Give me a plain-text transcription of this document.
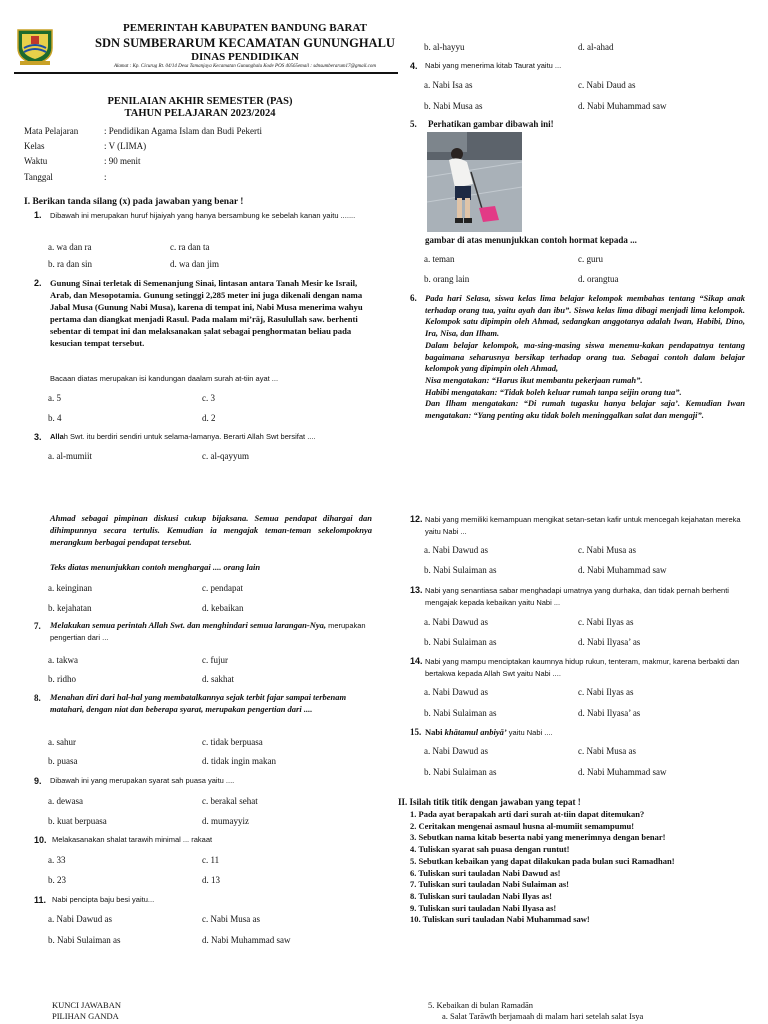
PEMERINTAH KABUPATEN BANDUNG BARAT
SDN SUMBERARUM KECAMATAN GUNUNGHALU
DINAS PENDIDIKAN
Alamat : Kp. Cicurug Rt. 04/14 Desa Tamanjaya Kecamatan Gununghalu Kode POS 40565email : sdnsumberarum17@gmail.com
PENILAIAN AKHIR SEMESTER (PAS)
TAHUN PELAJARAN 2023/2024
Mata Pelajaran	: Pendidikan Agama Islam dan Budi Pekerti
Kelas	: V (LIMA)
Waktu	: 90 menit
Tanggal	:
I. Berikan tanda silang (x) pada jawaban yang benar !
1. Dibawah ini merupakan huruf hijaiyah yang hanya bersambung ke sebelah kanan yaitu .......
a. wa dan ra	c. ra dan ta
b. ra dan sin	d. wa dan jim
2. Gunung Sinai terletak di Semenanjung Sinai, lintasan antara Tanah Mesir ke Israil, Arab, dan Mesopotamia. Gunung setinggi 2,285 meter ini juga dikenali dengan nama Jabal Musa (Gunung Nabi Musa), karena di tempat ini, Nabi Musa menerima wahyu pertama dan diangkat menjadi Rasul. Pada malam mi’rāj, Rasulullah saw. berhenti sebentar di tempat ini dan melaksanakan ṣalat sebagai penghormatan beliau pada kesucian tempat tersebut.
Bacaan diatas merupakan isi kandungan daalam surah at-tiin ayat ...
a. 5	c. 3
b. 4	d. 2
3. Allah Swt. itu berdiri sendiri untuk selama-lamanya. Berarti Allah Swt bersifat ....
a. al-mumiit	c. al-qayyum
b. al-hayyu	d. al-ahad
4. Nabi yang menerima kitab Taurat yaitu ...
a. Nabi Isa as	c. Nabi Daud as
b. Nabi Musa as	d. Nabi Muhammad saw
5. Perhatikan gambar dibawah ini!
gambar di atas menunjukkan contoh hormat kepada ...
a. teman	c. guru
b. orang lain	d. orangtua
6. Pada hari Selasa, siswa kelas lima belajar kelompok membahas tentang “Sikap anak terhadap orang tua, yaitu ayah dan ibu”. Siswa kelas lima dibagi menjadi lima kelompok. Kelompok satu dipimpin oleh Ahmad, sedangkan anggotanya adalah Iwan, Habibi, Dino, Ira, Nisa, dan Ilham.
Dalam belajar kelompok, ma-sing-masing siswa menemu-kakan pendapatnya tentang bagaimana seharusnya bersikap terhadap orang tua. Sebagai contoh dalam belajar kelompok yang dipimpin oleh Ahmad,
Nisa mengatakan: “Harus ikut membantu pekerjaan rumah”.
Habibi mengatakan: “Tidak boleh keluar rumah tanpa seijin orang tua”.
Dan Ilham mengatakan: “Di rumah tugasku hanya belajar saja’. Kemudian Iwan mengatakan: “Yang penting aku tidak boleh meninggalkan salat dan mengaji”.
Ahmad sebagai pimpinan diskusi cukup bijaksana. Semua pendapat dihargai dan dihimpunnya secara tertulis. Kemudian ia mengajak teman-teman sekelompoknya merangkum berbagai pendapat tersebut.
Teks diatas menunjukkan contoh menghargai .... orang lain
a. keinginan	c. pendapat
b. kejahatan	d. kebaikan
7. Melakukan semua perintah Allah Swt. dan menghindari semua larangan-Nya, merupakan pengertian dari ...
a. takwa	c. fujur
b. ridho	d. sakhat
8. Menahan diri dari hal-hal yang membatalkannya sejak terbit fajar sampai terbenam matahari, dengan niat dan beberapa syarat, merupakan pengertian dari ....
a. sahur	c. tidak berpuasa
b. puasa	d. tidak ingin makan
9. Dibawah ini yang merupakan syarat sah puasa yaitu ....
a. dewasa	c. berakal sehat
b. kuat berpuasa	d. mumayyiz
10. Melakasanakan shalat tarawih minimal ... rakaat
a. 33	c. 11
b. 23	d. 13
11. Nabi pencipta baju besi yaitu...
a. Nabi Dawud as	c. Nabi Musa as
b. Nabi Sulaiman as	d. Nabi Muhammad saw
12. Nabi yang memiliki kemampuan mengikat setan-setan kafir untuk mencegah kejahatan mereka yaitu Nabi ...
a. Nabi Dawud as	c. Nabi Musa as
b. Nabi Sulaiman as	d. Nabi Muhammad saw
13. Nabi yang senantiasa sabar menghadapi umatnya yang durhaka, dan tidak pernah berhenti mengajak kepada kebaikan yaitu Nabi ...
a. Nabi Dawud as	c. Nabi Ilyas as
b. Nabi Sulaiman as	d. Nabi Ilyasa’ as
14. Nabi yang mampu menciptakan kaumnya hidup rukun, tenteram, makmur, karena berbakti dan bertakwa kepada Allah Swt yaitu Nabi ....
a. Nabi Dawud as	c. Nabi Ilyas as
b. Nabi Sulaiman as	d. Nabi Ilyasa’ as
15. Nabi khātamul anbiyā’ yaitu Nabi ....
a. Nabi Dawud as	c. Nabi Musa as
b. Nabi Sulaiman as	d. Nabi Muhammad saw
II. Isilah titik titik dengan jawaban yang tepat !
1. Pada ayat berapakah arti dari surah at-tiin dapat ditemukan?
2. Ceritakan mengenai asmaul husna al-mumiit semampumu!
3. Sebutkan nama kitab beserta nabi yang menerimnya dengan benar!
4. Tuliskan syarat sah puasa dengan runtut!
5. Sebutkan kebaikan yang dapat dilakukan pada bulan suci Ramadhan!
6. Tuliskan suri tauladan Nabi Dawud as!
7. Tuliskan suri tauladan Nabi Sulaiman as!
8. Tuliskan suri tauladan Nabi Ilyas as!
9. Tuliskan suri tauladan Nabi Ilyasa as!
10. Tuliskan suri tauladan Nabi Muhammad saw!
KUNCI JAWABAN
PILIHAN GANDA
5. Kebaikan di bulan Ramadān
a. Salat Tarāwīh berjamaah di malam hari setelah salat Isya
